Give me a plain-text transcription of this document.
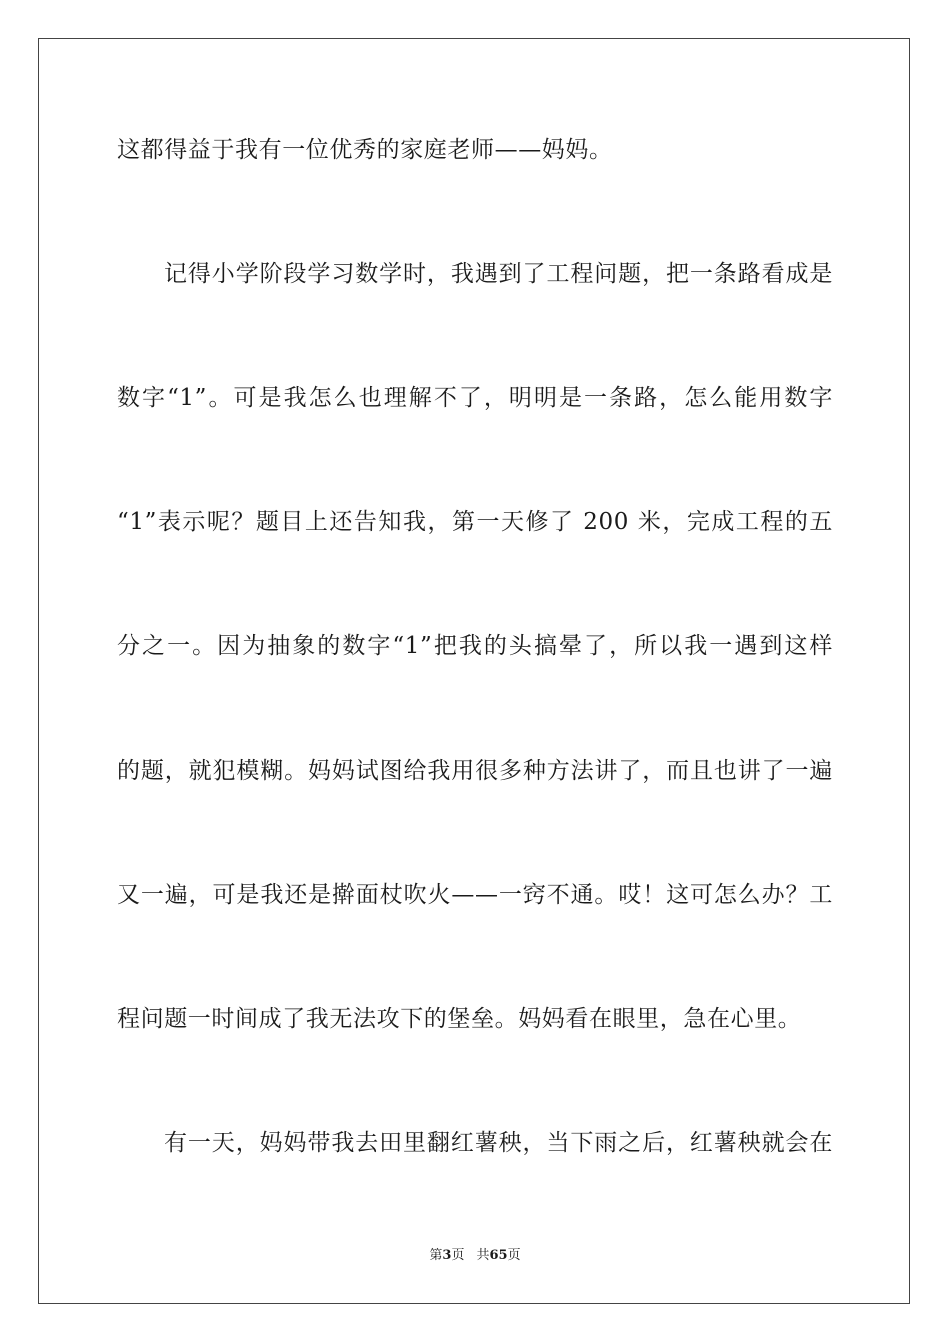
这都得益于我有一位优秀的家庭老师——妈妈。
记得小学阶段学习数学时，我遇到了工程问题，把一条路看成是
数字“1”。可是我怎么也理解不了，明明是一条路，怎么能用数字
“1”表示呢？题目上还告知我，第一天修了 200 米，完成工程的五
分之一。因为抽象的数字“1”把我的头搞晕了，所以我一遇到这样
的题，就犯模糊。妈妈试图给我用很多种方法讲了，而且也讲了一遍
又一遍，可是我还是擀面杖吹火——一窍不通。哎！这可怎么办？工
程问题一时间成了我无法攻下的堡垒。妈妈看在眼里，急在心里。
有一天，妈妈带我去田里翻红薯秧，当下雨之后，红薯秧就会在
第3页 共65页
